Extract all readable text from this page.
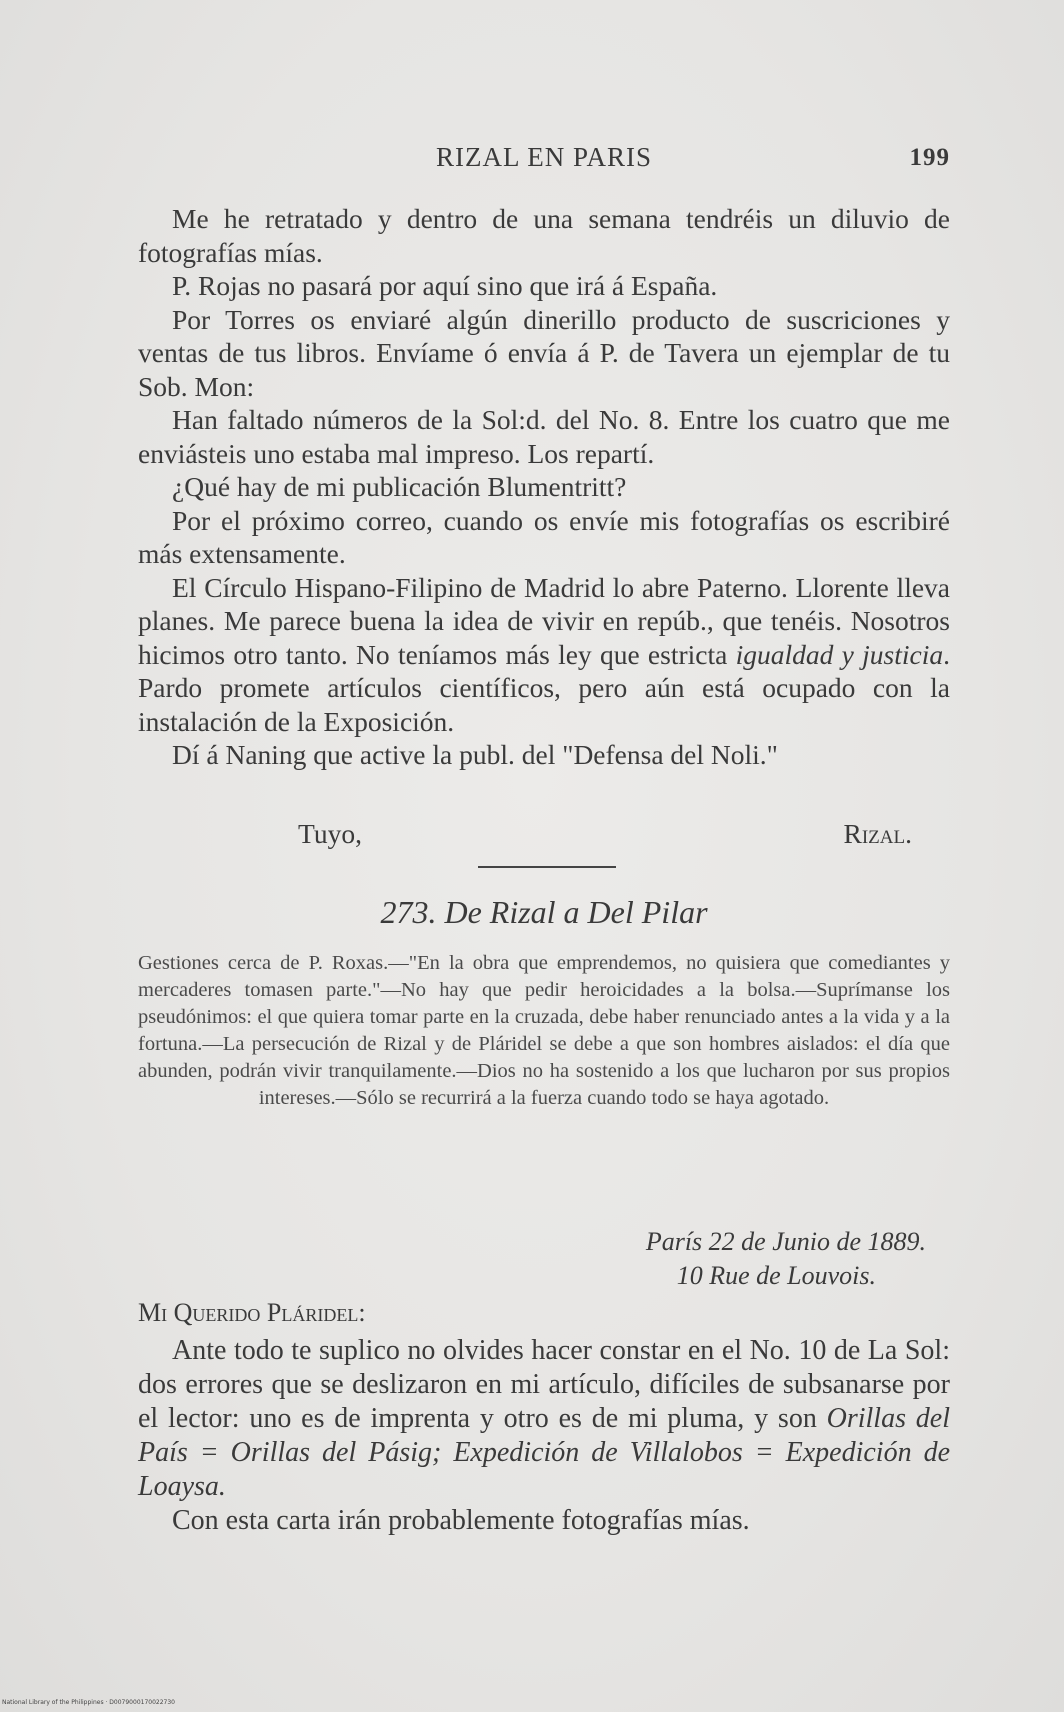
RIZAL EN PARIS	199

Me he retratado y dentro de una semana tendréis un diluvio de fotografías mías.

P. Rojas no pasará por aquí sino que irá á España.

Por Torres os enviaré algún dinerillo producto de suscriciones y ventas de tus libros. Envíame ó envía á P. de Tavera un ejemplar de tu Sob. Mon:

Han faltado números de la Sol:d. del No. 8. Entre los cuatro que me enviásteis uno estaba mal impreso. Los repartí.

¿Qué hay de mi publicación Blumentritt?

Por el próximo correo, cuando os envíe mis fotografías os escribiré más extensamente.

El Círculo Hispano-Filipino de Madrid lo abre Paterno. Llorente lleva planes. Me parece buena la idea de vivir en repúb., que tenéis. Nosotros hicimos otro tanto. No teníamos más ley que estricta igualdad y justicia. Pardo promete artículos científicos, pero aún está ocupado con la instalación de la Exposición.

Dí á Naning que active la publ. del "Defensa del Noli."

Tuyo,	Rizal.
273. De Rizal a Del Pilar
Gestiones cerca de P. Roxas.—"En la obra que emprendemos, no quisiera que comediantes y mercaderes tomasen parte."—No hay que pedir heroicidades a la bolsa.—Suprímanse los pseudónimos: el que quiera tomar parte en la cruzada, debe haber renunciado antes a la vida y a la fortuna.—La persecución de Rizal y de Pláridel se debe a que son hombres aislados: el día que abunden, podrán vivir tranquilamente.—Dios no ha sostenido a los que lucharon por sus propios intereses.—Sólo se recurrirá a la fuerza cuando todo se haya agotado.
París 22 de Junio de 1889.
10 Rue de Louvois.
Mi Querido Pláridel:

Ante todo te suplico no olvides hacer constar en el No. 10 de La Sol: dos errores que se deslizaron en mi artículo, difíciles de subsanarse por el lector: uno es de imprenta y otro es de mi pluma, y son Orillas del País = Orillas del Pásig; Expedición de Villalobos = Expedición de Loaysa.

Con esta carta irán probablemente fotografías mías.

National Library of the Philippines · D0079000170022730
